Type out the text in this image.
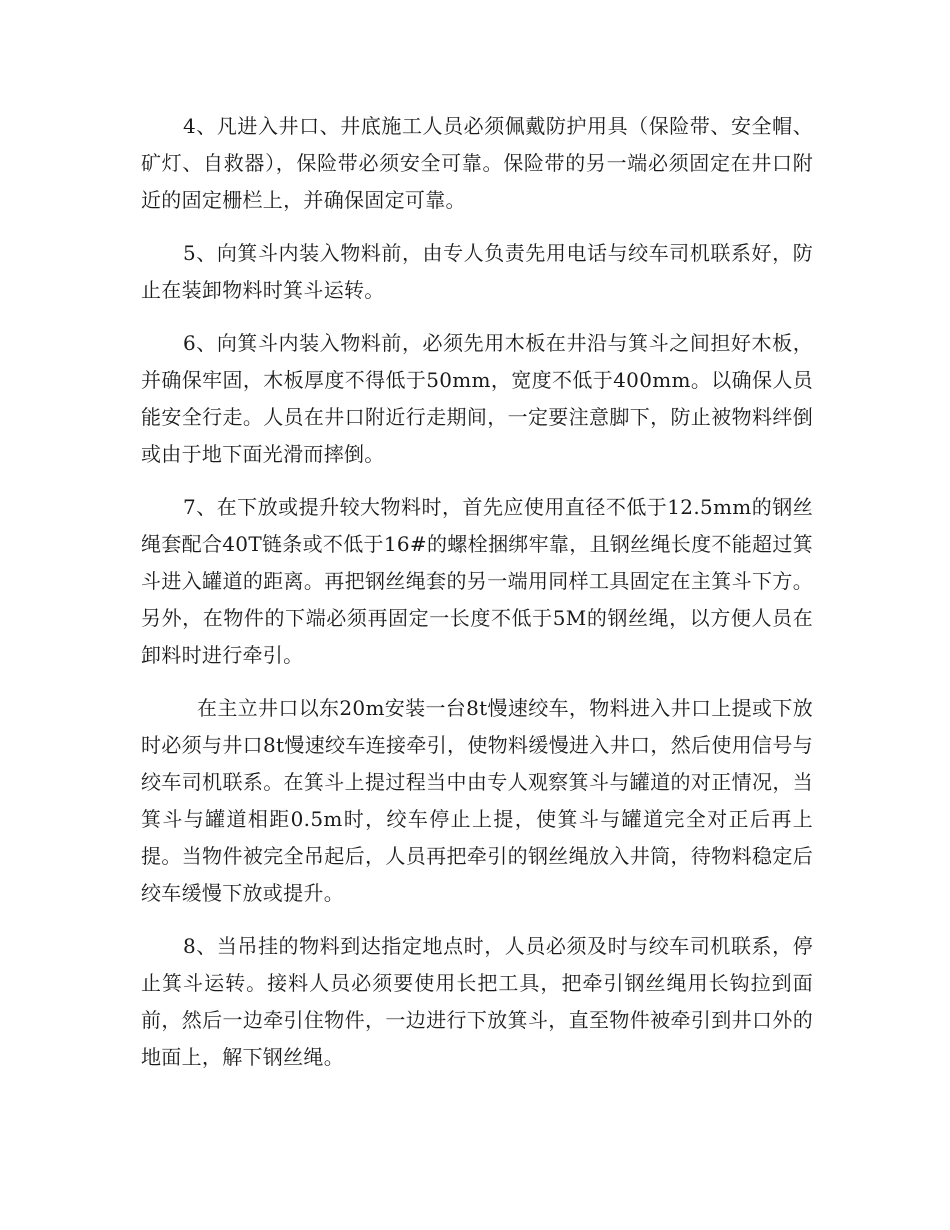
4、凡进入井口、井底施工人员必须佩戴防护用具（保险带、安全帽、矿灯、自救器），保险带必须安全可靠。保险带的另一端必须固定在井口附近的固定栅栏上，并确保固定可靠。

5、向箕斗内装入物料前，由专人负责先用电话与绞车司机联系好，防止在装卸物料时箕斗运转。

6、向箕斗内装入物料前，必须先用木板在井沿与箕斗之间担好木板，并确保牢固，木板厚度不得低于50mm，宽度不低于400mm。以确保人员能安全行走。人员在井口附近行走期间，一定要注意脚下，防止被物料绊倒或由于地下面光滑而摔倒。

7、在下放或提升较大物料时，首先应使用直径不低于12.5mm的钢丝绳套配合40T链条或不低于16#的螺栓捆绑牢靠，且钢丝绳长度不能超过箕斗进入罐道的距离。再把钢丝绳套的另一端用同样工具固定在主箕斗下方。另外，在物件的下端必须再固定一长度不低于5M的钢丝绳，以方便人员在卸料时进行牵引。

在主立井口以东20m安装一台8t慢速绞车，物料进入井口上提或下放时必须与井口8t慢速绞车连接牵引，使物料缓慢进入井口，然后使用信号与绞车司机联系。在箕斗上提过程当中由专人观察箕斗与罐道的对正情况，当箕斗与罐道相距0.5m时，绞车停止上提，使箕斗与罐道完全对正后再上提。当物件被完全吊起后，人员再把牵引的钢丝绳放入井筒，待物料稳定后绞车缓慢下放或提升。

8、当吊挂的物料到达指定地点时，人员必须及时与绞车司机联系，停止箕斗运转。接料人员必须要使用长把工具，把牵引钢丝绳用长钩拉到面前，然后一边牵引住物件，一边进行下放箕斗，直至物件被牵引到井口外的地面上，解下钢丝绳。
